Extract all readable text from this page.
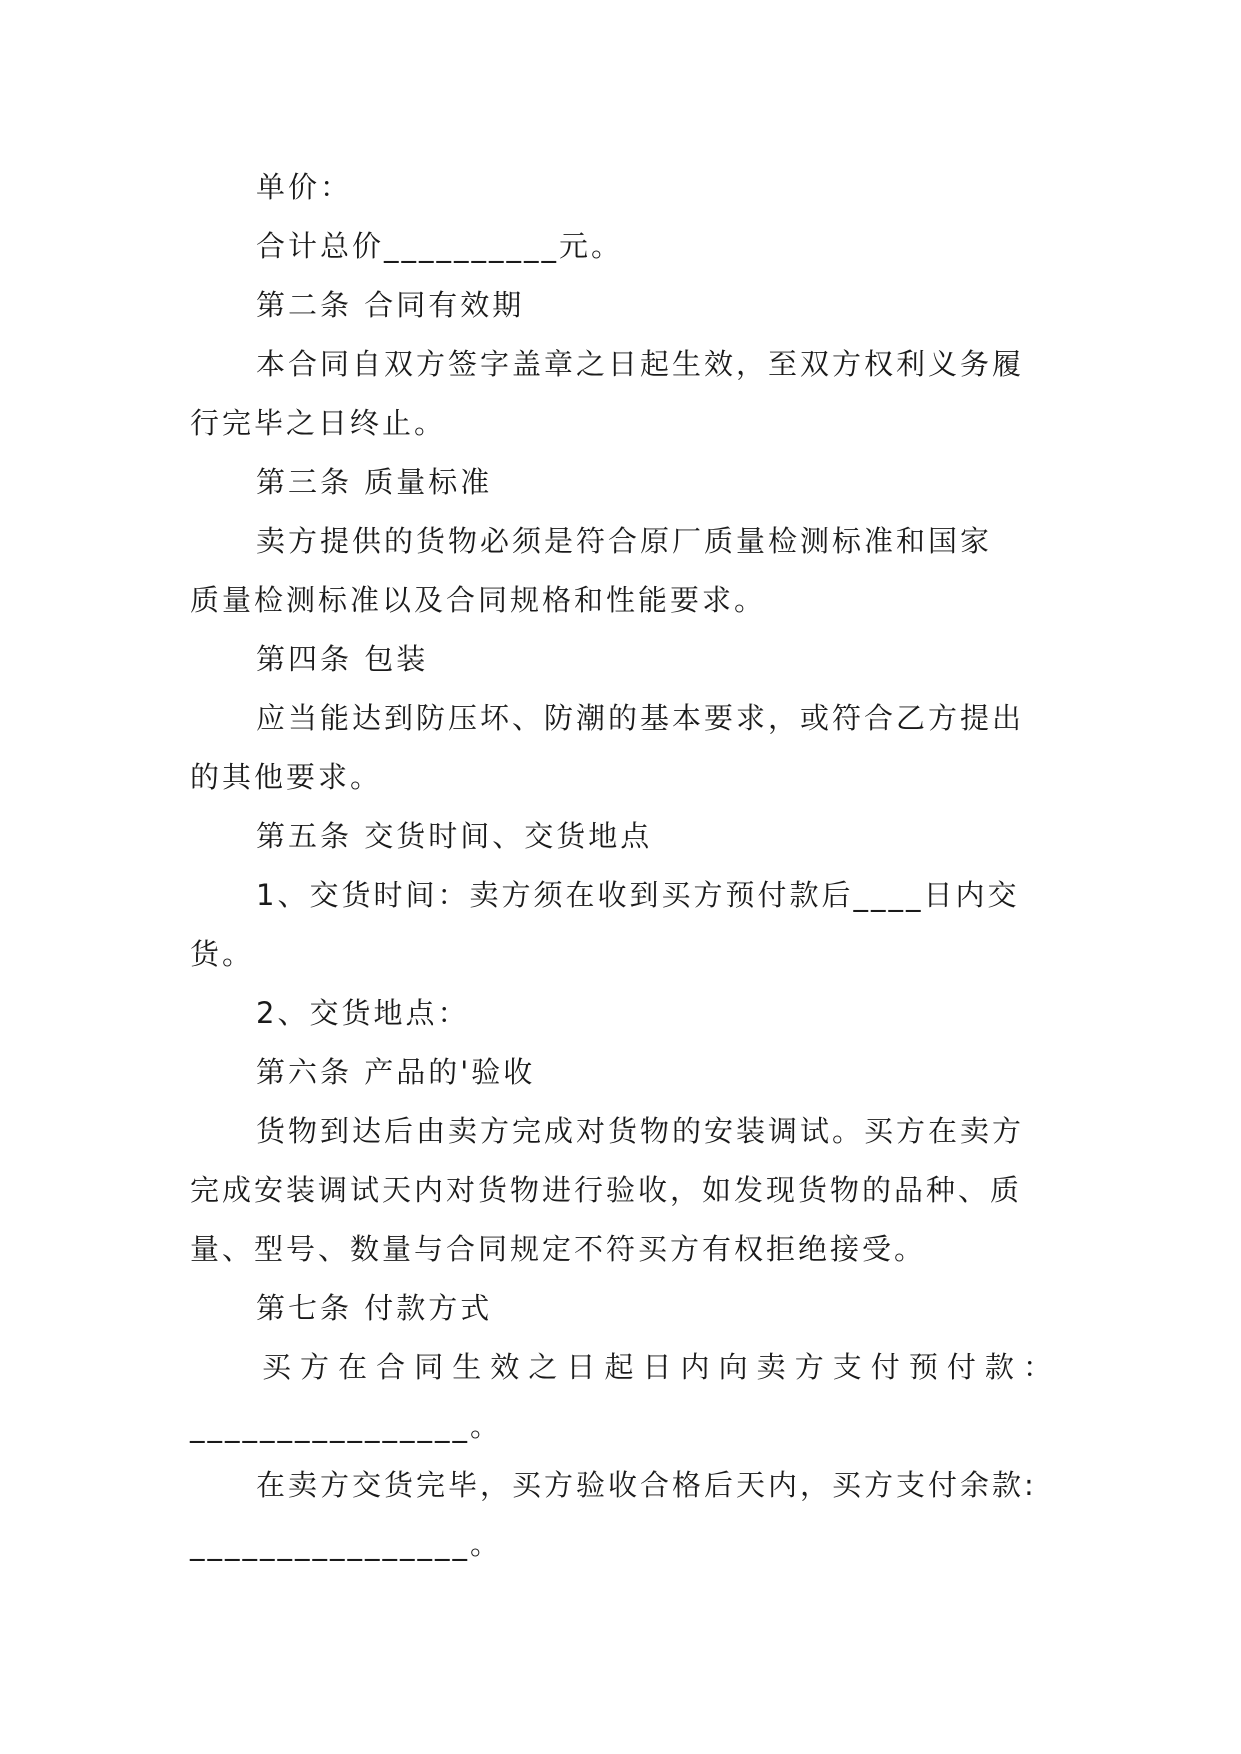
单价：
合计总价__________元。
第二条 合同有效期
本合同自双方签字盖章之日起生效，至双方权利义务履
行完毕之日终止。
第三条 质量标准
卖方提供的货物必须是符合原厂质量检测标准和国家
质量检测标准以及合同规格和性能要求。
第四条 包装
应当能达到防压坏、防潮的基本要求，或符合乙方提出
的其他要求。
第五条 交货时间、交货地点
1、交货时间：卖方须在收到买方预付款后____日内交
货。
2、交货地点：
第六条 产品的'验收
货物到达后由卖方完成对货物的安装调试。买方在卖方
完成安装调试天内对货物进行验收，如发现货物的品种、质
量、型号、数量与合同规定不符买方有权拒绝接受。
第七条 付款方式
买方在合同生效之日起日内向卖方支付预付款：
________________。
在卖方交货完毕，买方验收合格后天内，买方支付余款:
________________。
